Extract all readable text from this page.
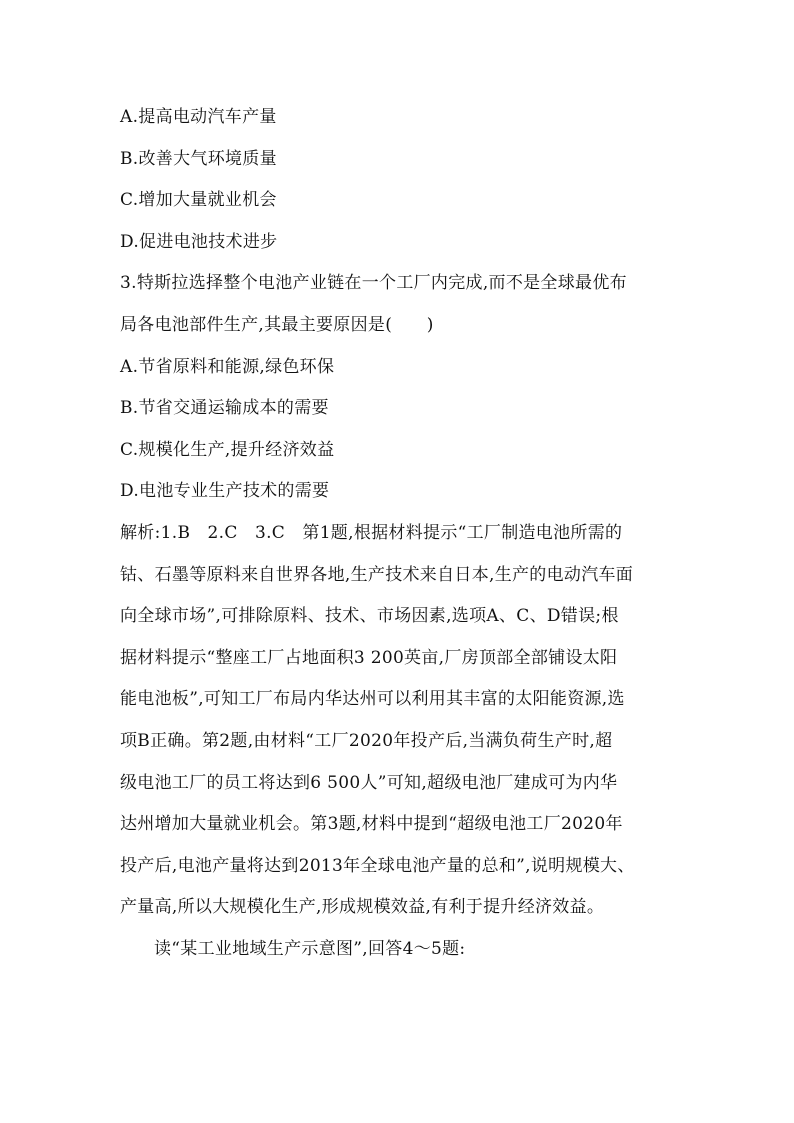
A.提高电动汽车产量
B.改善大气环境质量
C.增加大量就业机会
D.促进电池技术进步
3.特斯拉选择整个电池产业链在一个工厂内完成,而不是全球最优布
局各电池部件生产,其最主要原因是(　　)
A.节省原料和能源,绿色环保
B.节省交通运输成本的需要
C.规模化生产,提升经济效益
D.电池专业生产技术的需要
解析:1.B　2.C　3.C　第1题,根据材料提示“工厂制造电池所需的
钴、石墨等原料来自世界各地,生产技术来自日本,生产的电动汽车面
向全球市场”,可排除原料、技术、市场因素,选项A、C、D错误;根
据材料提示“整座工厂占地面积3 200英亩,厂房顶部全部铺设太阳
能电池板”,可知工厂布局内华达州可以利用其丰富的太阳能资源,选
项B正确。第2题,由材料“工厂2020年投产后,当满负荷生产时,超
级电池工厂的员工将达到6 500人”可知,超级电池厂建成可为内华
达州增加大量就业机会。第3题,材料中提到“超级电池工厂2020年
投产后,电池产量将达到2013年全球电池产量的总和”,说明规模大、
产量高,所以大规模化生产,形成规模效益,有利于提升经济效益。
读“某工业地域生产示意图”,回答4～5题:
